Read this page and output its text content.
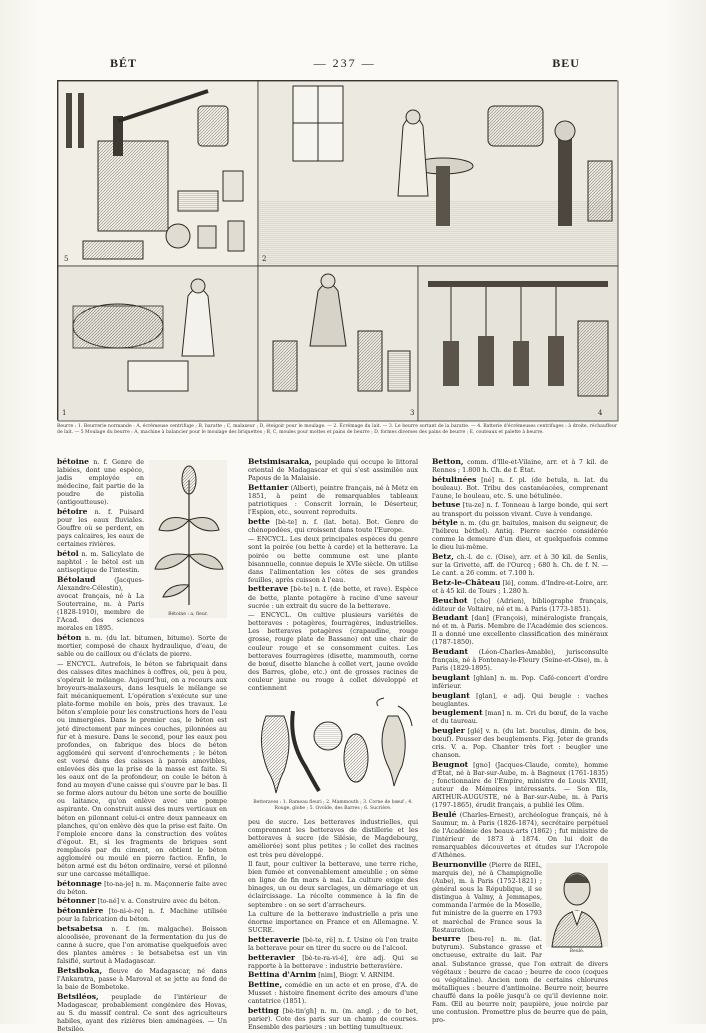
BÉT	— 237 —	BEU
5	2
1	3	4
Beurre : 1. Beurrerie normande : A, écrémeuse centrifuge ; B, baratte ; C, malaxeur ; D, éteigoir pour le moulage. — 2. Écrémage du lait. — 3. Le beurre sortant de la baratte. — 4. Batterie d'écrémeuses centrifuges : à droite, réchauffeur de lait. — 5 Moulage du beurre : A, machine à balancier pour le moulage des briquettes ; B, C, moules pour mottes et pains de beurre ; D, formes diverses des pains de beurre ; E, couteaux et palette à beurre.
Bétoine : a, fleur.

bétoine n. f. Genre de labiées, dont une espèce, jadis employée en médecine, fait partie de la poudre de pistolia (antigoutteuse).

bétoire n. f. Puisard pour les eaux fluviales. Gouffre où se perdent, en pays calcaires, les eaux de certaines rivières.

bétol n. m. Salicylate de naphtol : le bétol est un antiseptique de l'intestin.

Bétolaud	(Jacques-Alexandre-Célestin), avocat français, né à La Souterraine, m. à Paris (1828-1910), membre de l'Acad. des sciences morales en 1895.

béton n. m. (du lat. bitumen, bitume). Sorte de mortier, composé de chaux hydraulique, d'eau, de sable ou de cailloux ou d'éclats de pierre.

— ENCYCL. Autrefois, le béton se fabriquait dans des caisses dites machines à coffres, où, peu à peu, s'opérait le mélange. Aujourd'hui, on a recours aux broyeurs-malaxeurs, dans lesquels le mélange se fait mécaniquement. L'opération s'exécute sur une plate-forme mobile en bois, près des travaux. Le béton s'emploie pour les constructions hors de l'eau ou immergées. Dans le premier cas, le béton est jeté directement par minces couches, pilonnées au fur et à mesure. Dans le second, pour les eaux peu profondes, on fabrique des blocs de béton aggloméré qui servent d'enrochements ; le béton est versé dans des caisses à parois amovibles, enlevées dès que la prise de la masse est faite. Si les eaux ont de la profondeur, on coule le béton à fond au moyen d'une caisse qui s'ouvre par le bas. Il se forme alors autour du béton une sorte de bouillie ou laitance, qu'on enlève avec une pompe aspirante. On construit aussi des murs verticaux en béton en pilonnant celui-ci entre deux panneaux en planches, qu'on enlève dès que la prise est faite. On l'emploie encore dans la construction des voûtes d'égout. Et, si les fragments de briques sont remplacés par du ciment, on obtient le béton aggloméré ou moulé en pierre factice. Enfin, le béton armé est du béton ordinaire, versé et pilonné sur une carcasse métallique.

bétonnage [to-na-je] n. m. Maçonnerie faite avec du béton.

bétonner [to-né] v. a. Construire avec du béton.

bétonnière [to-ni-è-re] n. f. Machine utilisée pour la fabrication du béton.

betsabetsa n. f. (m. malgache). Boisson alcoolisée, provenant de la fermentation du jus de canne à sucre, que l'on aromatise quelquefois avec des plantes amères : le betsabetsa est un vin falsifié, surtout à Madagascar.

Betsiboka, fleuve de Madagascar, né dans l'Ankaratra, passe à Maroval et se jette au fond de la baie de Bombetoke.

Betsiléos, peuplade de l'intérieur de Madagascar, probablement congénère des Hovas, au S. du massif central. Ce sont des agriculteurs habiles, ayant des rizières bien aménagées. — Un Betsiléo.

Betsimisaraka, peuplade qui occupe le littoral oriental de Madagascar et qui s'est assimilée aux Papous de la Malaisie.

Bettanier (Albert), peintre français, né à Metz en 1851, à peint de remarquables tableaux patriotiques : Conscrit lorrain, le Déserteur, l'Espion, etc., souvent reproduits.

bette [bè-te] n. f. (lat. beta). Bot. Genre de chénopodées, qui croissent dans toute l'Europe.

— ENCYCL. Les deux principales espèces du genre sont la poirée (ou bette à carde) et la betterave. La poirée ou bette commune est une plante bisannuelle, connue depuis le XVIe siècle. On utilise dans l'alimentation les côtes de ses grandes feuilles, après cuisson à l'eau.

betterave [bè-te] n. f. (de bette, et rave). Espèce de bette, plante potagère à racine d'une saveur sucrée : un extrait du sucre de la betterave.

— ENCYCL. On cultive plusieurs variétés de betteraves : potagères, fourragères, industrielles. Les betteraves potagères (crapaudine, rouge grosse, rouge plate de Bassano) ont une chair de couleur rouge et se consomment cuites. Les betteraves fourragères (disette, mammouth, corne de bœuf, disette blanche à collet vert, jaune ovoïde des Barres, globe, etc.) ont de grosses racines de couleur jaune ou rouge à collet développé et contiennent

Betteraves : 1. Rameau fleuri ; 2. Mammouth ; 3. Corne de bœuf ; 4. Rouge, globe ; 5. Ovoïde, des Barres ; 6. Sucrière.

peu de sucre. Les betteraves industrielles, qui comprennent les betteraves de distillerie et les betteraves à sucre (de Silésie, de Magdebourg, améliorée) sont plus petites ; le collet des racines est très peu développé.

Il faut, pour cultiver la betterave, une terre riche, bien fumée et convenablement ameublie ; on sème en ligne de fin mars à mai. La culture exige des binages, un ou deux sarclages, un démariage et un éclaircissage. La récolte commence à la fin de septembre : on se sert d'arracheurs.

La culture de la betterave industrielle a pris une énorme importance en France et en Allemagne. V. SUCRE.

betteraverie [bè-te, rè] n. f. Usine où l'on traite la betterave pour en tirer du sucre ou de l'alcool.

betteravier [bè-te-ra-vi-é], ère adj. Qui se rapporte à la betterave : industrie betteravière.

Bettina d'Arnim [nim], Biogr. V. ARNIM.

Bettine, comédie en un acte et en prose, d'A. de Musset : histoire finement écrite des amours d'une cantatrice (1851).

betting [bè-tin'gh] n. m. (m. angl. ; de to bet, parier). Cote des paris sur un champ de courses. Ensemble des parieurs : un betting tumultueux.

Betton, comm. d'Ille-et-Vilaine, arr. et à 7 kil. de Rennes ; 1.800 h. Ch. de f. État.

bétulinées [né] n. f. pl. (de betula, n. lat. du bouleau). Bot. Tribu des castanéacées, comprenant l'aune, le bouleau, etc. S. une bétulinée.

betuse [tu-ze] n. f. Tonneau à large bonde, qui sert au transport du poisson vivant. Cuve à vendange.

bétyle n. m. (du gr. baitulos, maison du seigneur, de l'hébreu béthel). Antiq. Pierre sacrée considérée comme la demeure d'un dieu, et quelquefois comme le dieu lui-même.

Betz, ch.-l. de c. (Oise), arr. et à 30 kil. de Senlis, sur la Grivette, aff. de l'Ourcq ; 680 h. Ch. de f. N. — Le cant. a 26 comm. et 7.100 h.

Betz-le-Château [lé], comm. d'Indre-et-Loire, arr. et à 45 kil. de Tours ; 1.280 h.

Beuchot [cho] (Adrien), bibliographe français, éditeur de Voltaire, né et m. à Paris (1773-1851).

Beudant [dan] (François), minéralogiste français, né et m. à Paris. Membre de l'Académie des sciences. Il a donné une excellente classification des minéraux (1787-1850).

Beudant (Léon-Charles-Amable), jurisconsulte français, né à Fontenay-le-Fleury (Seine-et-Oise), m. à Paris (1829-1895).

beuglant [ghlan] n. m. Pop. Café-concert d'ordre inférieur.

beuglant [glan], e adj. Qui beugle : vaches beuglantes.

beuglement [man] n. m. Cri du bœuf, de la vache et du taureau.

beugler [glé] v. n. (du lat. buculus, dimin. de bos, bœuf). Pousser des beuglements. Fig. Jeter de grands cris. V. a. Pop. Chanter très fort : beugler une chanson.

Beugnot [gno] (Jacques-Claude, comte), homme d'État, né à Bar-sur-Aube, m. à Bagneux (1761-1835) ; fonctionnaire de l'Empire, ministre de Louis XVIII, auteur de Mémoires intéressants. — Son fils, ARTHUR-AUGUSTE, né à Bar-sur-Aube, m. à Paris (1797-1865), érudit français, a publié les Olim.

Beulé (Charles-Ernest), archéologue français, né à Saumur, m. à Paris (1826-1874), secrétaire perpétuel de l'Académie des beaux-arts (1862) ; fut ministre de l'intérieur de 1873 à 1874. On lui doit de remarquables découvertes et études sur l'Acropole d'Athènes.

Beulé.

Beurnonville (Pierre de RIEL, marquis de), né à Champignolle (Aube), m. à Paris (1752-1821) ; général sous la République, il se distingua à Valmy, à Jemmapes, commanda l'armée de la Moselle, fut ministre de la guerre en 1793 et maréchal de France sous la Restauration.

beurre [beu-re] n. m. (lat. butyrum). Substance grasse et onctueuse, extraite du lait. Par anal. Substance grasse, que l'on extrait de divers végétaux : beurre de cacao ; beurre de coco (coques ou végétaline). Ancien nom de certains chlorures métalliques : beurre d'antimoine. Beurre noir, beurre chauffé dans la poêle jusqu'à ce qu'il devienne noir. Fam. Œil au beurre noir, paupière, joue noircie par une contusion. Promettre plus de beurre que de pain, pro-
